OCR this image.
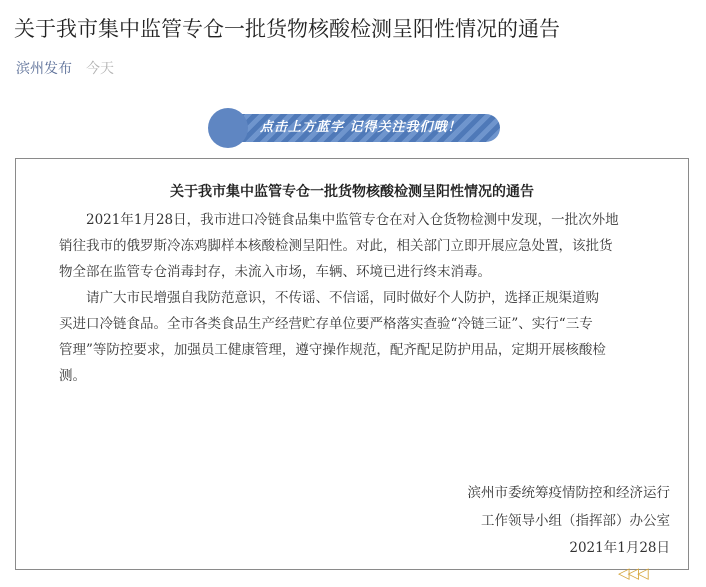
关于我市集中监管专仓一批货物核酸检测呈阳性情况的通告
滨州发布 今天
点击上方蓝字 记得关注我们哦！
关于我市集中监管专仓一批货物核酸检测呈阳性情况的通告
2021年1月28日，我市进口冷链食品集中监管专仓在对入仓货物检测中发现，一批次外地
销往我市的俄罗斯冷冻鸡脚样本核酸检测呈阳性。对此，相关部门立即开展应急处置，该批货
物全部在监管专仓消毒封存，未流入市场，车辆、环境已进行终末消毒。
请广大市民增强自我防范意识，不传谣、不信谣，同时做好个人防护，选择正规渠道购
买进口冷链食品。全市各类食品生产经营贮存单位要严格落实查验“冷链三证”、实行“三专
管理”等防控要求，加强员工健康管理，遵守操作规范，配齐配足防护用品，定期开展核酸检
测。
滨州市委统筹疫情防控和经济运行
工作领导小组（指挥部）办公室
2021年1月28日
◁◁◁
